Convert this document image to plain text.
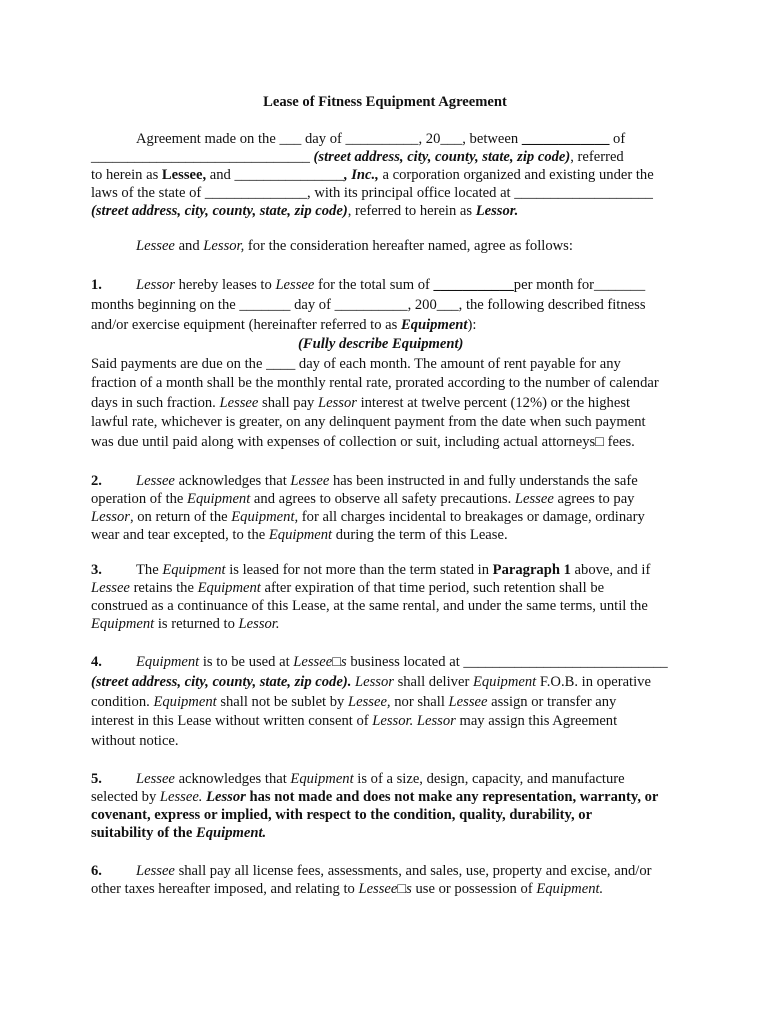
Lease of Fitness Equipment Agreement
Agreement made on the ___ day of __________, 20___, between ____________ of
______________________________ (street address, city, county, state, zip code), referred
to herein as Lessee, and _______________, Inc., a corporation organized and existing under the
laws of the state of ______________, with its principal office located at ___________________
(street address, city, county, state, zip code), referred to herein as Lessor.
Lessee and Lessor, for the consideration hereafter named, agree as follows:
1. Lessor hereby leases to Lessee for the total sum of ___________per month for_______
months beginning on the _______ day of __________, 200___, the following described fitness
and/or exercise equipment (hereinafter referred to as Equipment):
(Fully describe Equipment)
Said payments are due on the ____ day of each month. The amount of rent payable for any
fraction of a month shall be the monthly rental rate, prorated according to the number of calendar
days in such fraction. Lessee shall pay Lessor interest at twelve percent (12%) or the highest
lawful rate, whichever is greater, on any delinquent payment from the date when such payment
was due until paid along with expenses of collection or suit, including actual attorneys□ fees.
2. Lessee acknowledges that Lessee has been instructed in and fully understands the safe
operation of the Equipment and agrees to observe all safety precautions. Lessee agrees to pay
Lessor, on return of the Equipment, for all charges incidental to breakages or damage, ordinary
wear and tear excepted, to the Equipment during the term of this Lease.
3. The Equipment is leased for not more than the term stated in Paragraph 1 above, and if
Lessee retains the Equipment after expiration of that time period, such retention shall be
construed as a continuance of this Lease, at the same rental, and under the same terms, until the
Equipment is returned to Lessor.
4. Equipment is to be used at Lessee□s business located at ____________________________
(street address, city, county, state, zip code). Lessor shall deliver Equipment F.O.B. in operative
condition. Equipment shall not be sublet by Lessee, nor shall Lessee assign or transfer any
interest in this Lease without written consent of Lessor. Lessor may assign this Agreement
without notice.
5. Lessee acknowledges that Equipment is of a size, design, capacity, and manufacture
selected by Lessee. Lessor has not made and does not make any representation, warranty, or
covenant, express or implied, with respect to the condition, quality, durability, or
suitability of the Equipment.
6. Lessee shall pay all license fees, assessments, and sales, use, property and excise, and/or
other taxes hereafter imposed, and relating to Lessee□s use or possession of Equipment.
